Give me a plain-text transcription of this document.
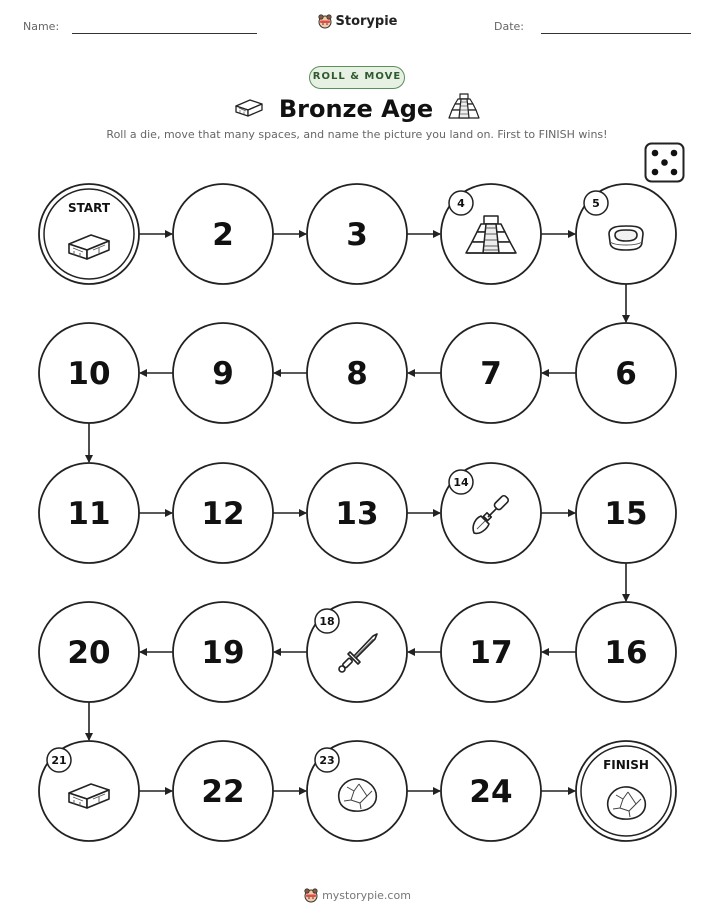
Name:	Storypie	Date:
ROLL & MOVE
Bronze Age
Roll a die, move that many spaces, and name the picture you land on. First to FINISH wins!
START
2	3
4	5
6
7
8
9
10
11	12	13
14
15
16
17
18
19
20
21
22
23
24
FINISH
mystorypie.com
